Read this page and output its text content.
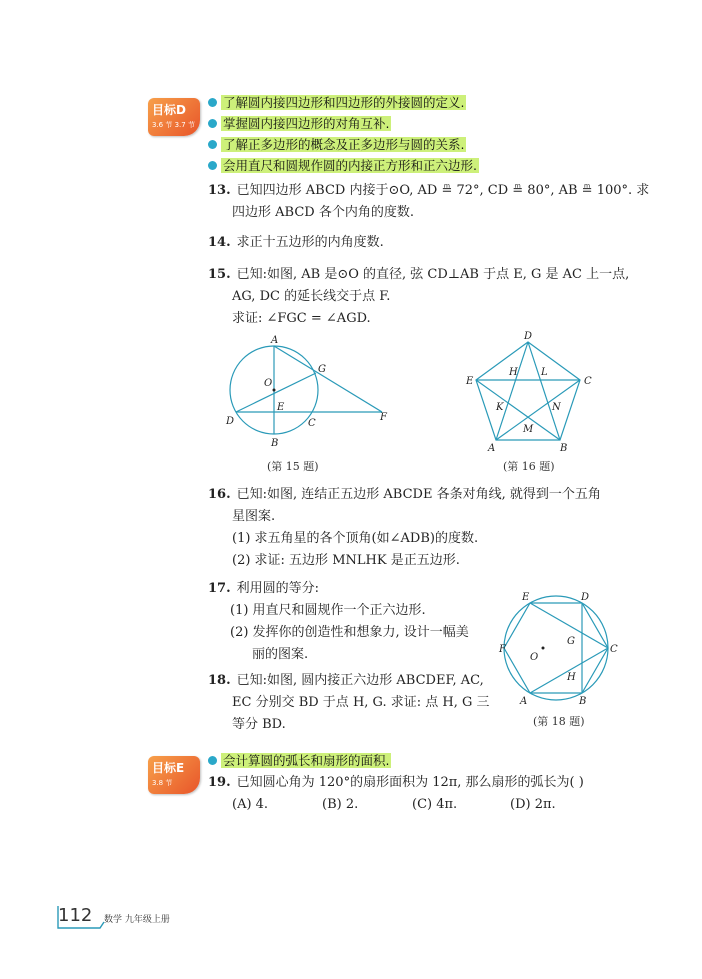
目标D
3.6 节 3.7 节
了解圆内接四边形和四边形的外接圆的定义.
掌握圆内接四边形的对角互补.
了解正多边形的概念及正多边形与圆的关系.
会用直尺和圆规作圆的内接正方形和正六边形.
13. 已知四边形 ABCD 内接于⊙O, AD ≞ 72°, CD ≞ 80°, AB ≞ 100°. 求
四边形 ABCD 各个内角的度数.
14. 求正十五边形的内角度数.
15. 已知:如图, AB 是⊙O 的直径, 弦 CD⊥AB 于点 E, G 是 AC 上一点,
AG, DC 的延长线交于点 F.
求证: ∠FGC = ∠AGD.
A
B
C
D
E
F
G
O
(第 15 题)
D
C
E
A	B
H L
K	N
M
(第 16 题)
16. 已知:如图, 连结正五边形 ABCDE 各条对角线, 就得到一个五角
星图案.
(1) 求五角星的各个顶角(如∠ADB)的度数.
(2) 求证: 五边形 MNLHK 是正五边形.
17. 利用圆的等分:
(1) 用直尺和圆规作一个正六边形.
(2) 发挥你的创造性和想象力, 设计一幅美
丽的图案.
18. 已知:如图, 圆内接正六边形 ABCDEF, AC,
EC 分别交 BD 于点 H, G. 求证: 点 H, G 三
等分 BD.
E	D
C
B
A
F
G
H
O
(第 18 题)
目标E
3.8 节
会计算圆的弧长和扇形的面积.
19. 已知圆心角为 120°的扇形面积为 12π, 那么扇形的弧长为( )
(A) 4.	(B) 2.	(C) 4π.	(D) 2π.
112 数学 九年级上册
